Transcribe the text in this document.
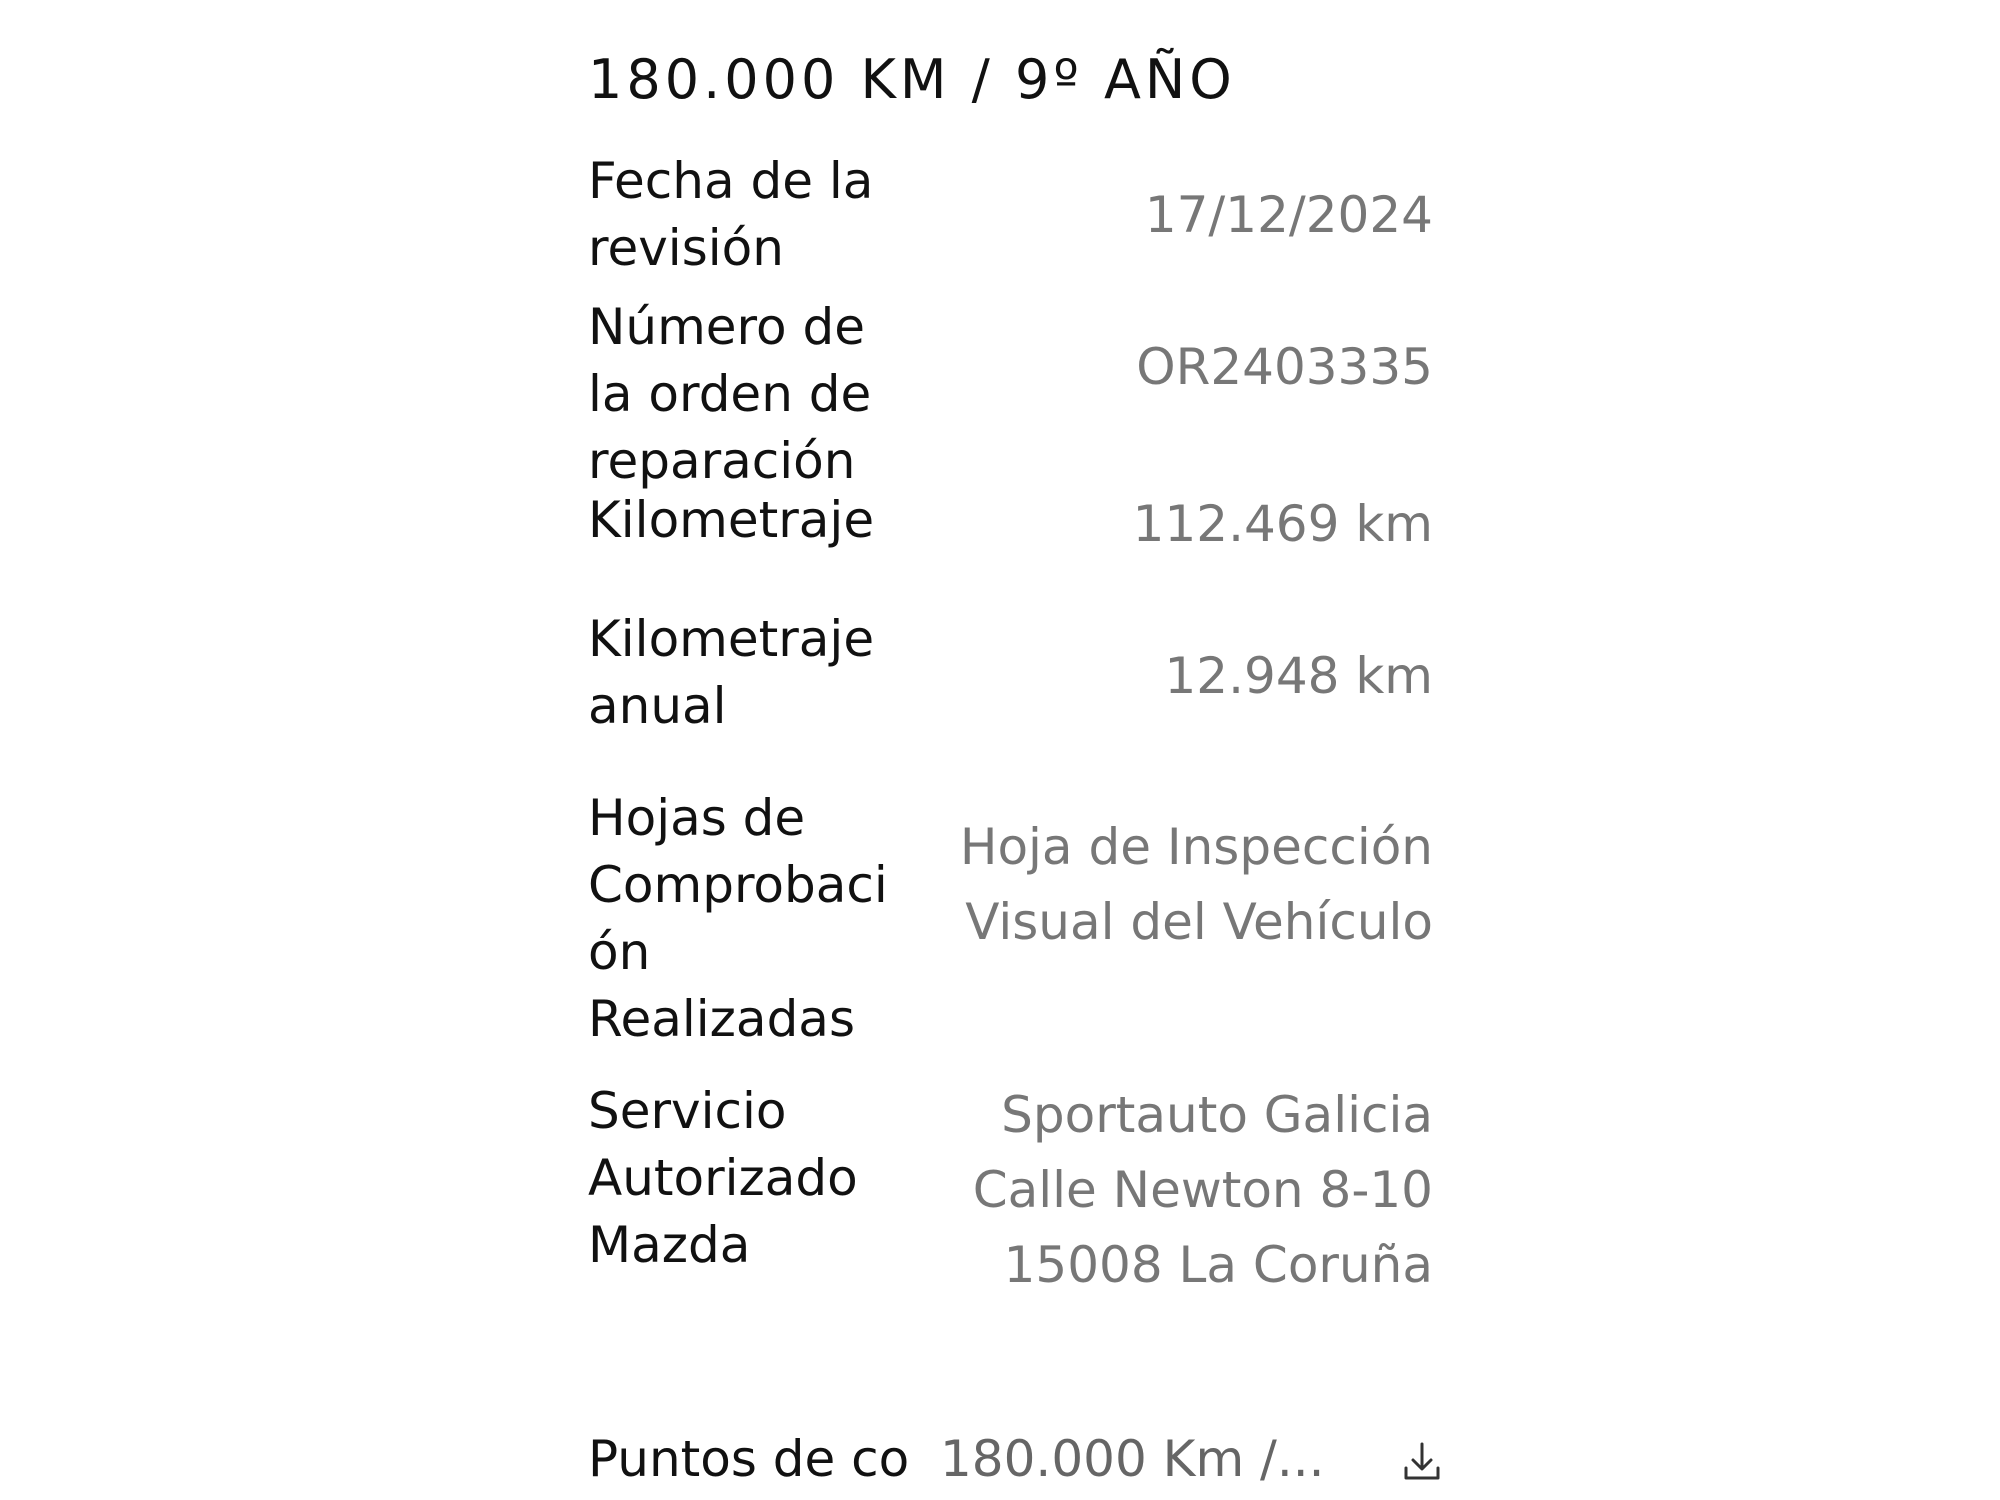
180.000 KM / 9º AÑO
Fecha de la revisión
17/12/2024
Número de la orden de reparación
OR2403335
Kilometraje	112.469 km
Kilometraje anual
12.948 km
Hojas de Comprobación Realizadas
Hoja de Inspección
Visual del Vehículo
Servicio Autorizado Mazda
Sportauto Galicia
Calle Newton 8-10
15008 La Coruña
Puntos de co 180.000 Km /...
